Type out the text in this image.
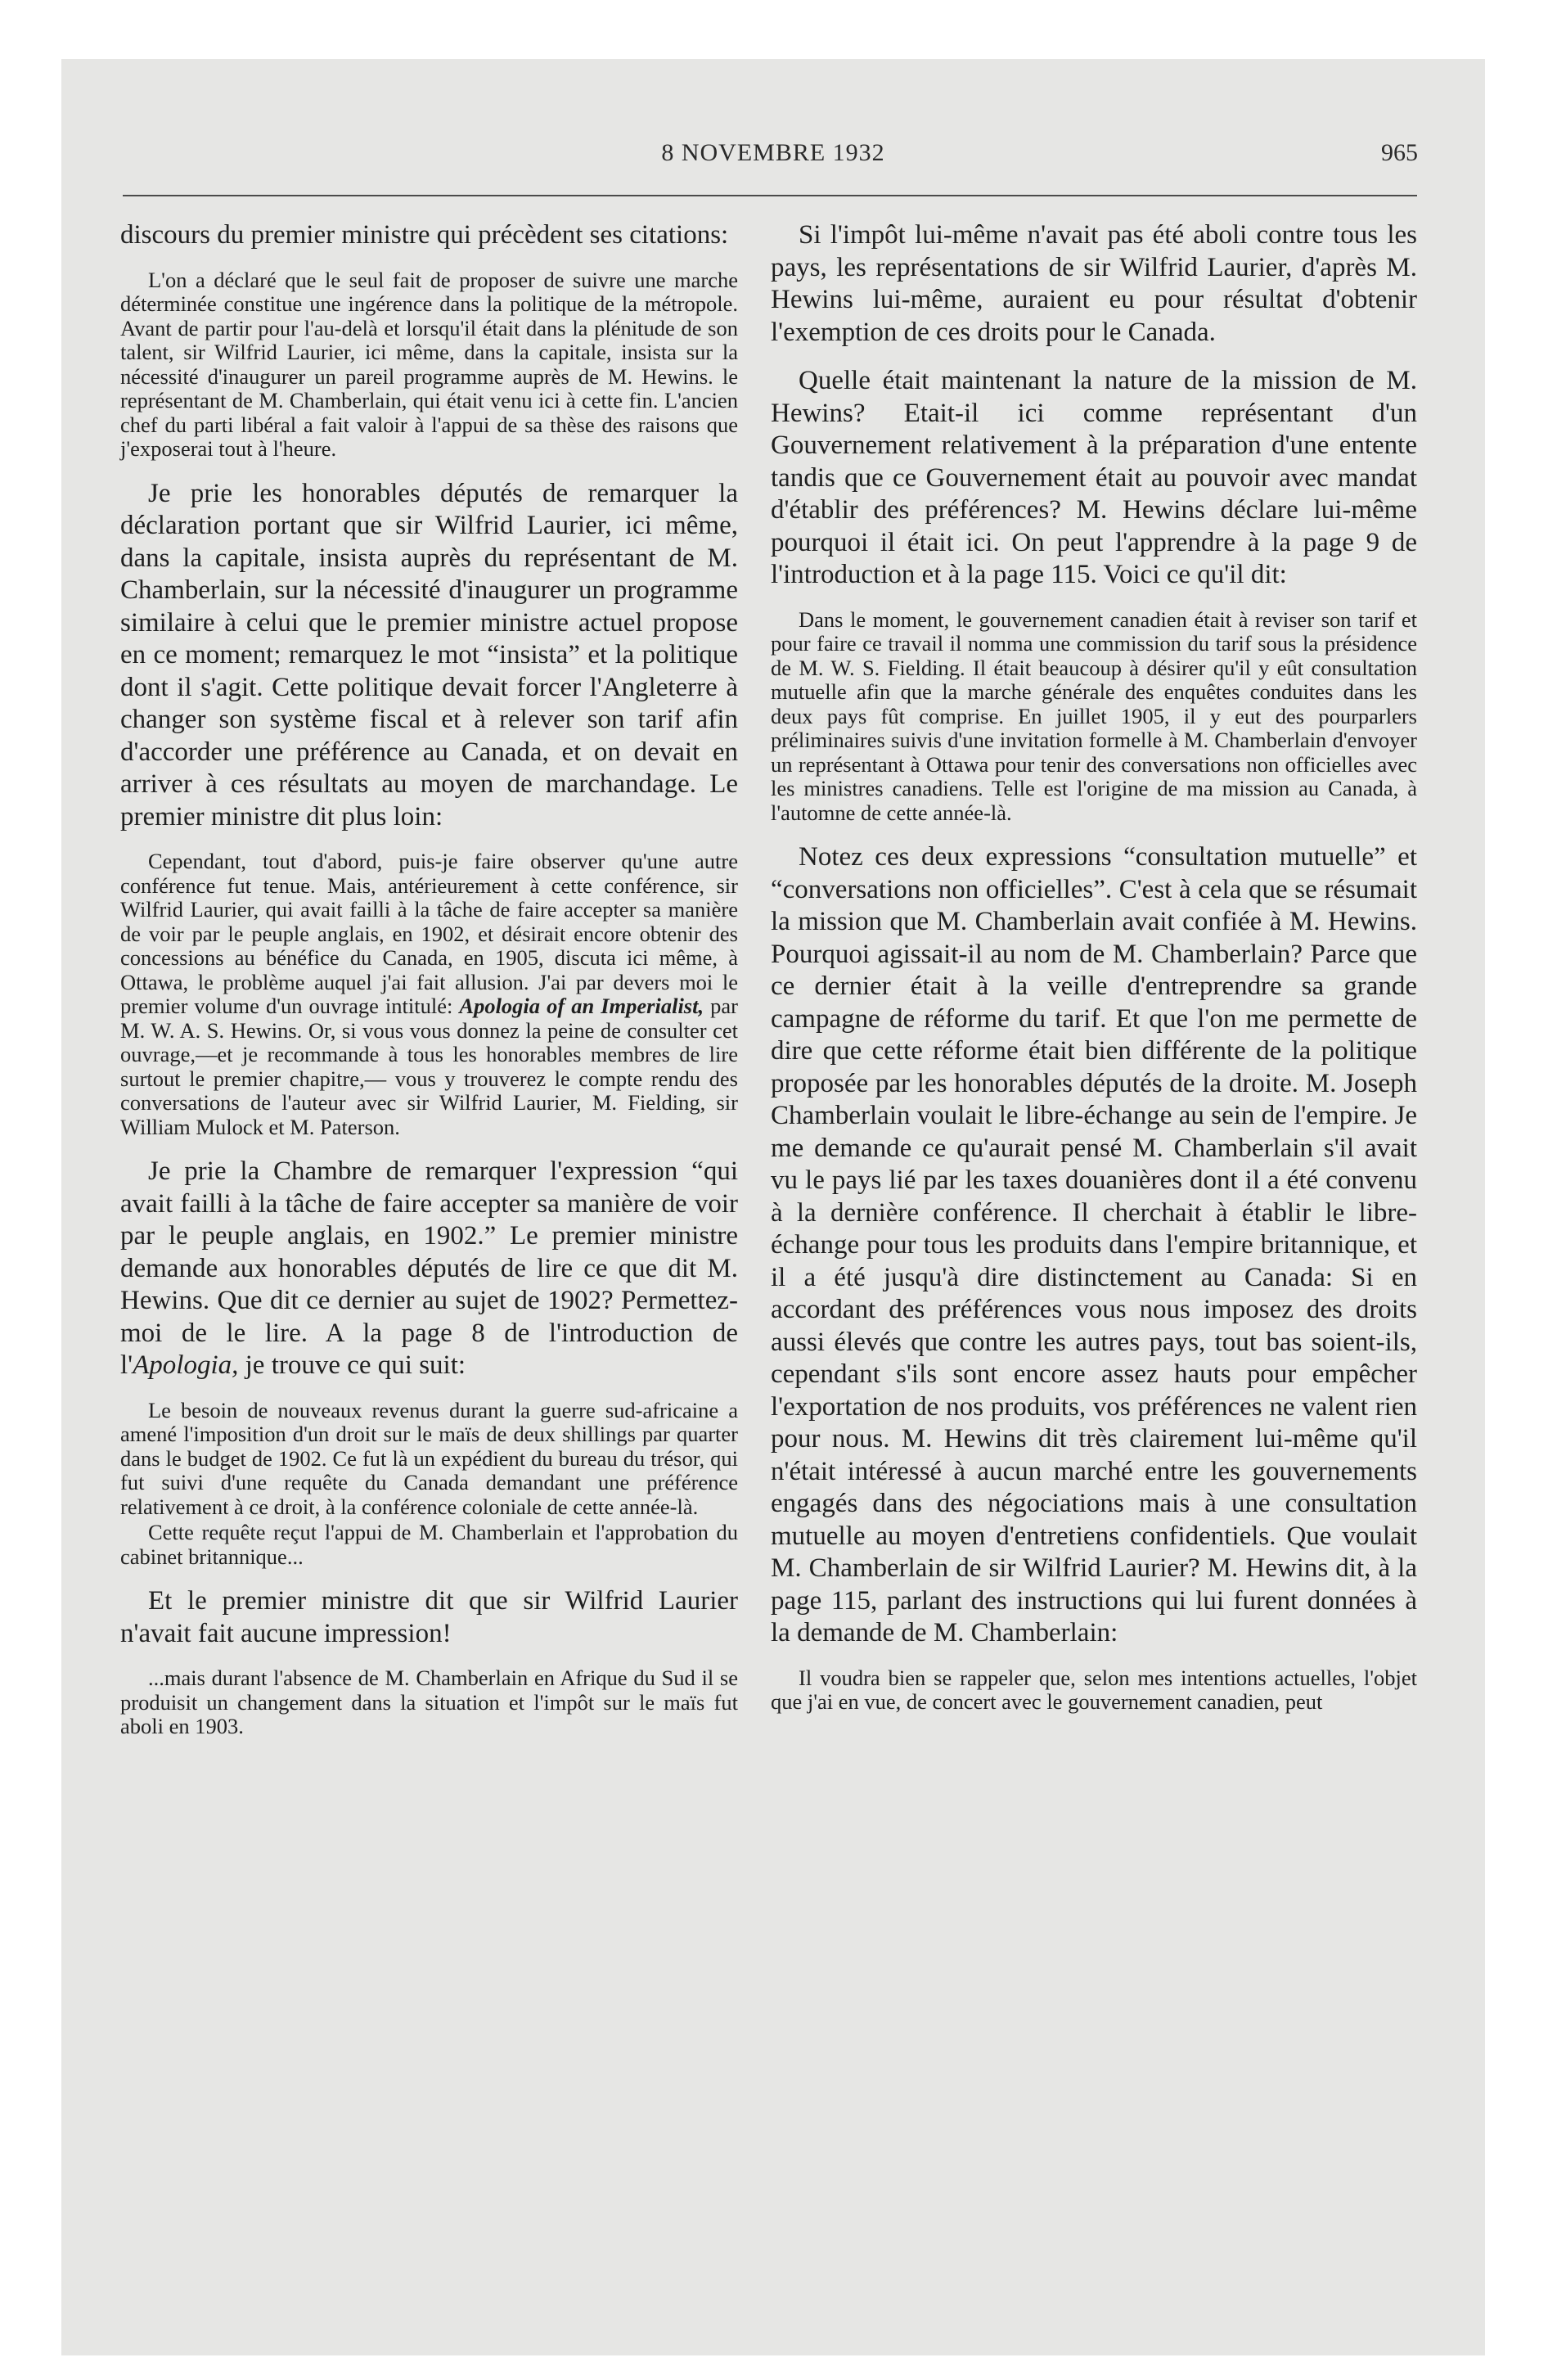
8 NOVEMBRE 1932	965

discours du premier ministre qui précèdent ses citations:

L'on a déclaré que le seul fait de proposer de suivre une marche déterminée constitue une ingérence dans la politique de la métropole. Avant de partir pour l'au-delà et lorsqu'il était dans la plénitude de son talent, sir Wilfrid Laurier, ici même, dans la capitale, insista sur la nécessité d'inaugurer un pareil programme auprès de M. Hewins. le représentant de M. Chamberlain, qui était venu ici à cette fin. L'ancien chef du parti libéral a fait valoir à l'appui de sa thèse des raisons que j'exposerai tout à l'heure.

Je prie les honorables députés de remarquer la déclaration portant que sir Wilfrid Laurier, ici même, dans la capitale, insista auprès du représentant de M. Chamberlain, sur la nécessité d'inaugurer un programme similaire à celui que le premier ministre actuel propose en ce moment; remarquez le mot “insista” et la politique dont il s'agit. Cette politique devait forcer l'Angleterre à changer son système fiscal et à relever son tarif afin d'accorder une préférence au Canada, et on devait en arriver à ces résultats au moyen de marchandage. Le premier ministre dit plus loin:

Cependant, tout d'abord, puis-je faire observer qu'une autre conférence fut tenue. Mais, antérieurement à cette conférence, sir Wilfrid Laurier, qui avait failli à la tâche de faire accepter sa manière de voir par le peuple anglais, en 1902, et désirait encore obtenir des concessions au bénéfice du Canada, en 1905, discuta ici même, à Ottawa, le problème auquel j'ai fait allusion. J'ai par devers moi le premier volume d'un ouvrage intitulé: Apologia of an Imperialist, par M. W. A. S. Hewins. Or, si vous vous donnez la peine de consulter cet ouvrage,—et je recommande à tous les honorables membres de lire surtout le premier chapitre,— vous y trouverez le compte rendu des conversations de l'auteur avec sir Wilfrid Laurier, M. Fielding, sir William Mulock et M. Paterson.

Je prie la Chambre de remarquer l'expression “qui avait failli à la tâche de faire accepter sa manière de voir par le peuple anglais, en 1902.” Le premier ministre demande aux honorables députés de lire ce que dit M. Hewins. Que dit ce dernier au sujet de 1902? Permettez-moi de le lire. A la page 8 de l'introduction de l'Apologia, je trouve ce qui suit:

Le besoin de nouveaux revenus durant la guerre sud-africaine a amené l'imposition d'un droit sur le maïs de deux shillings par quarter dans le budget de 1902. Ce fut là un expédient du bureau du trésor, qui fut suivi d'une requête du Canada demandant une préférence relativement à ce droit, à la conférence coloniale de cette année-là.

Cette requête reçut l'appui de M. Chamberlain et l'approbation du cabinet britannique...

Et le premier ministre dit que sir Wilfrid Laurier n'avait fait aucune impression!

...mais durant l'absence de M. Chamberlain en Afrique du Sud il se produisit un changement dans la situation et l'impôt sur le maïs fut aboli en 1903.

Si l'impôt lui-même n'avait pas été aboli contre tous les pays, les représentations de sir Wilfrid Laurier, d'après M. Hewins lui-même, auraient eu pour résultat d'obtenir l'exemption de ces droits pour le Canada.

Quelle était maintenant la nature de la mission de M. Hewins? Etait-il ici comme représentant d'un Gouvernement relativement à la préparation d'une entente tandis que ce Gouvernement était au pouvoir avec mandat d'établir des préférences? M. Hewins déclare lui-même pourquoi il était ici. On peut l'apprendre à la page 9 de l'introduction et à la page 115. Voici ce qu'il dit:

Dans le moment, le gouvernement canadien était à reviser son tarif et pour faire ce travail il nomma une commission du tarif sous la présidence de M. W. S. Fielding. Il était beaucoup à désirer qu'il y eût consultation mutuelle afin que la marche générale des enquêtes conduites dans les deux pays fût comprise. En juillet 1905, il y eut des pourparlers préliminaires suivis d'une invitation formelle à M. Chamberlain d'envoyer un représentant à Ottawa pour tenir des conversations non officielles avec les ministres canadiens. Telle est l'origine de ma mission au Canada, à l'automne de cette année-là.

Notez ces deux expressions “consultation mutuelle” et “conversations non officielles”. C'est à cela que se résumait la mission que M. Chamberlain avait confiée à M. Hewins. Pourquoi agissait-il au nom de M. Chamberlain? Parce que ce dernier était à la veille d'entreprendre sa grande campagne de réforme du tarif. Et que l'on me permette de dire que cette réforme était bien différente de la politique proposée par les honorables députés de la droite. M. Joseph Chamberlain voulait le libre-échange au sein de l'empire. Je me demande ce qu'aurait pensé M. Chamberlain s'il avait vu le pays lié par les taxes douanières dont il a été convenu à la dernière conférence. Il cherchait à établir le libre-échange pour tous les produits dans l'empire britannique, et il a été jusqu'à dire distinctement au Canada: Si en accordant des préférences vous nous imposez des droits aussi élevés que contre les autres pays, tout bas soient-ils, cependant s'ils sont encore assez hauts pour empêcher l'exportation de nos produits, vos préférences ne valent rien pour nous. M. Hewins dit très clairement lui-même qu'il n'était intéressé à aucun marché entre les gouvernements engagés dans des négociations mais à une consultation mutuelle au moyen d'entretiens confidentiels. Que voulait M. Chamberlain de sir Wilfrid Laurier? M. Hewins dit, à la page 115, parlant des instructions qui lui furent données à la demande de M. Chamberlain:

Il voudra bien se rappeler que, selon mes intentions actuelles, l'objet que j'ai en vue, de concert avec le gouvernement canadien, peut
